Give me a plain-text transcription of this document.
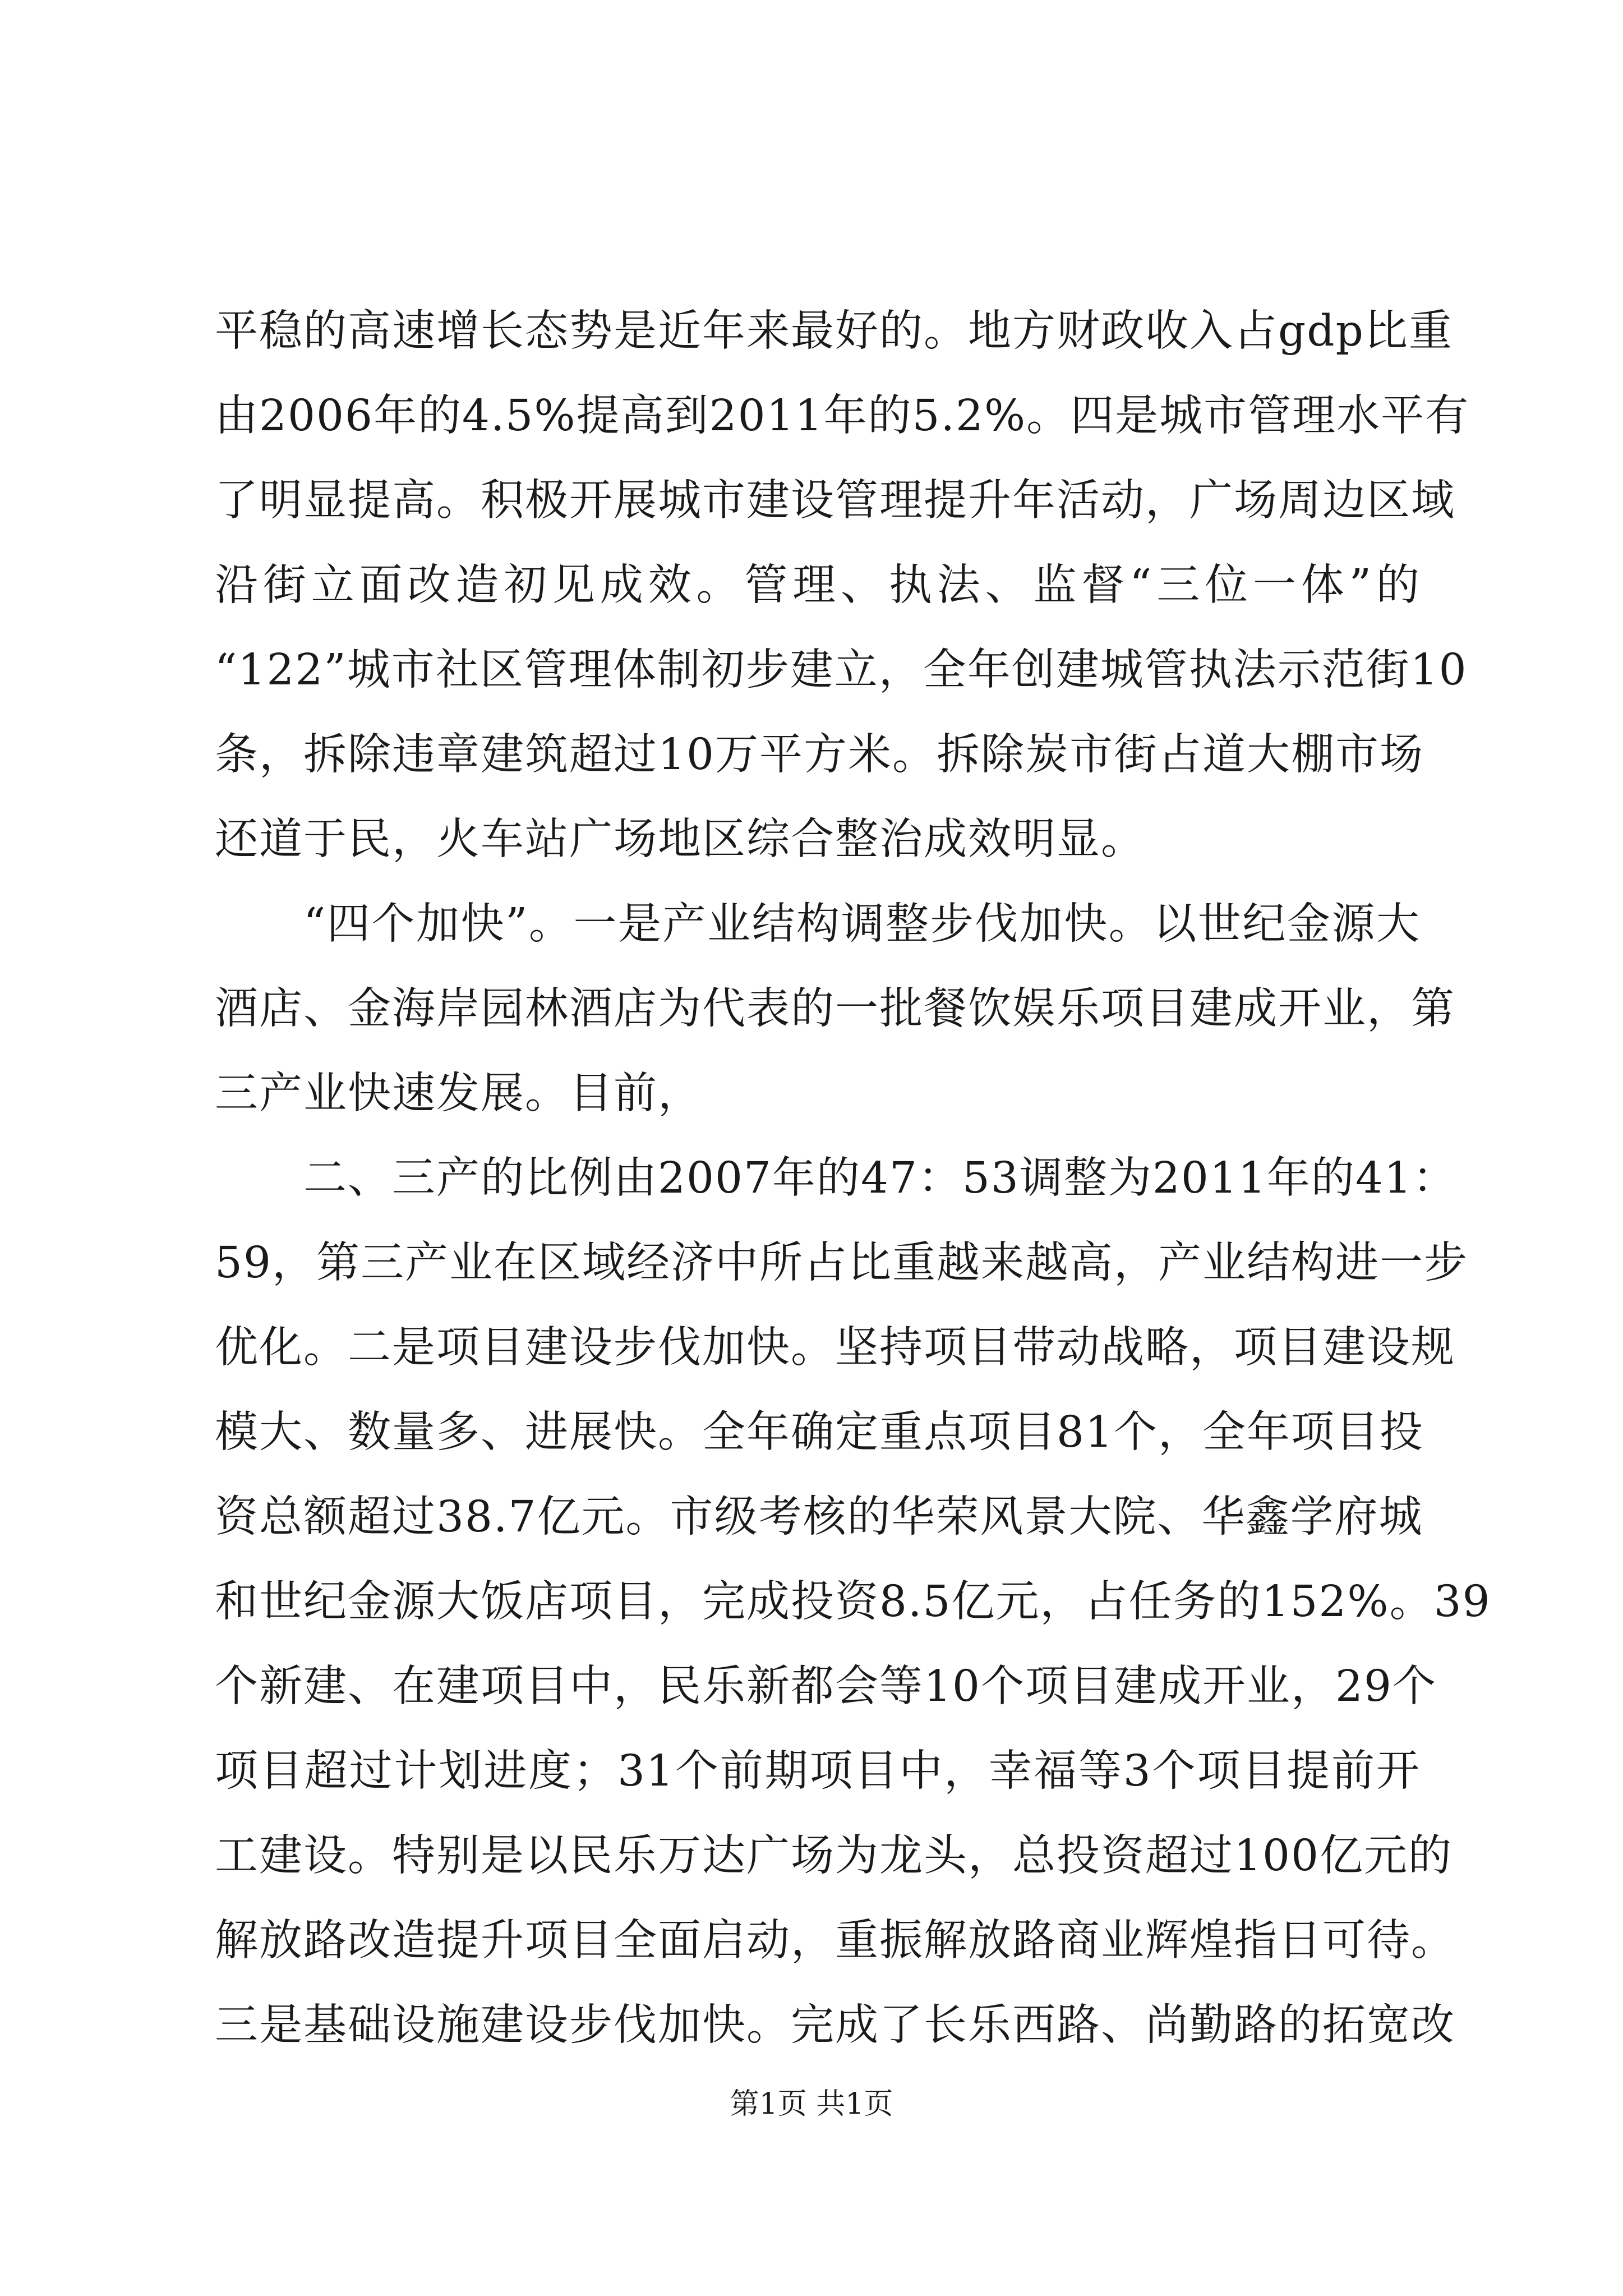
平稳的高速增长态势是近年来最好的。地方财政收入占gdp比重
由2006年的4.5%提高到2011年的5.2%。四是城市管理水平有
了明显提高。积极开展城市建设管理提升年活动，广场周边区域
沿街立面改造初见成效。管理、执法、监督“三位一体”的
“122”城市社区管理体制初步建立，全年创建城管执法示范街10
条，拆除违章建筑超过10万平方米。拆除炭市街占道大棚市场
还道于民，火车站广场地区综合整治成效明显。
“四个加快”。一是产业结构调整步伐加快。以世纪金源大
酒店、金海岸园林酒店为代表的一批餐饮娱乐项目建成开业，第
三产业快速发展。目前，
二、三产的比例由2007年的47：53调整为2011年的41：
59，第三产业在区域经济中所占比重越来越高，产业结构进一步
优化。二是项目建设步伐加快。坚持项目带动战略，项目建设规
模大、数量多、进展快。全年确定重点项目81个，全年项目投
资总额超过38.7亿元。市级考核的华荣风景大院、华鑫学府城
和世纪金源大饭店项目，完成投资8.5亿元，占任务的152%。39
个新建、在建项目中，民乐新都会等10个项目建成开业，29个
项目超过计划进度；31个前期项目中，幸福等3个项目提前开
工建设。特别是以民乐万达广场为龙头，总投资超过100亿元的
解放路改造提升项目全面启动，重振解放路商业辉煌指日可待。
三是基础设施建设步伐加快。完成了长乐西路、尚勤路的拓宽改
第1页 共1页
